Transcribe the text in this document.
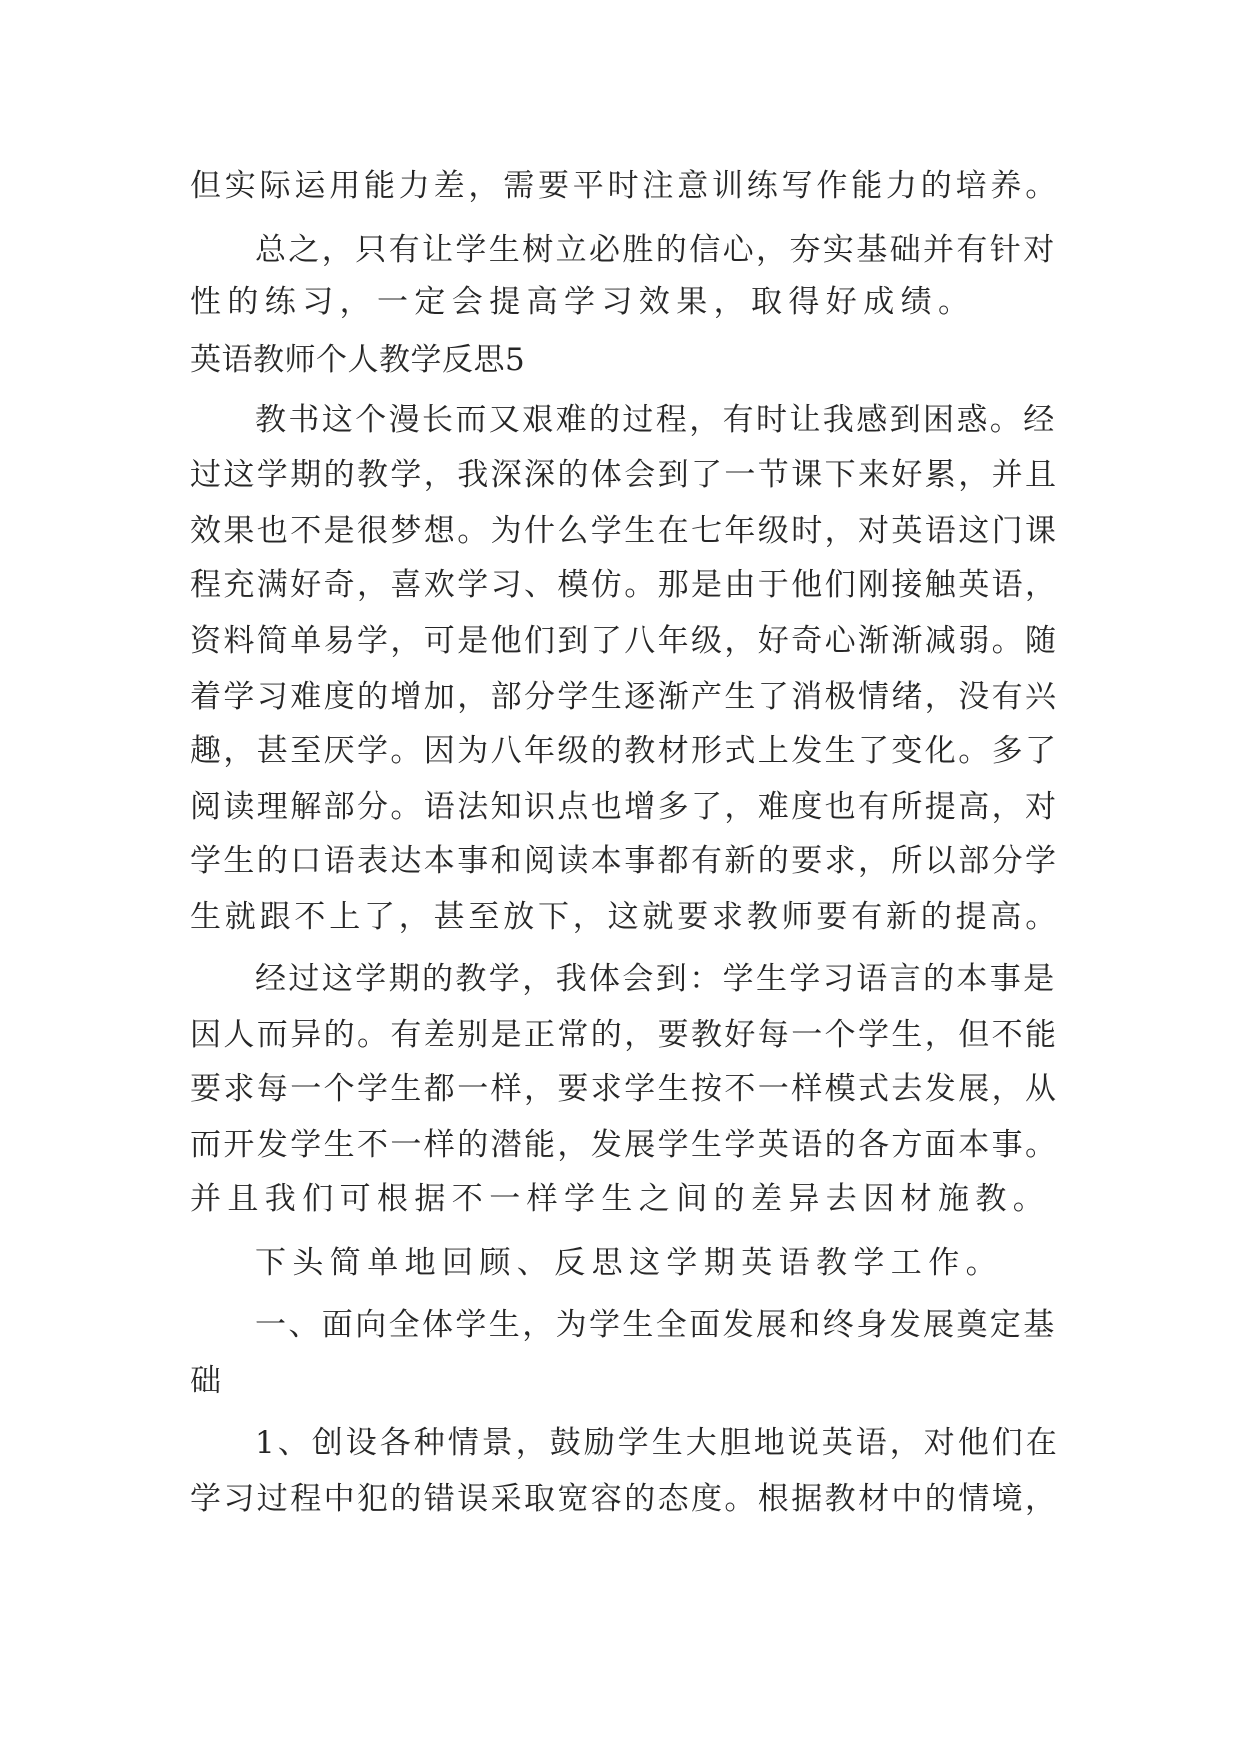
但实际运用能力差，需要平时注意训练写作能力的培养。
总之，只有让学生树立必胜的信心，夯实基础并有针对
性的练习，一定会提高学习效果，取得好成绩。
英语教师个人教学反思5
教书这个漫长而又艰难的过程，有时让我感到困惑。经
过这学期的教学，我深深的体会到了一节课下来好累，并且
效果也不是很梦想。为什么学生在七年级时，对英语这门课
程充满好奇，喜欢学习、模仿。那是由于他们刚接触英语，
资料简单易学，可是他们到了八年级，好奇心渐渐减弱。随
着学习难度的增加，部分学生逐渐产生了消极情绪，没有兴
趣，甚至厌学。因为八年级的教材形式上发生了变化。多了
阅读理解部分。语法知识点也增多了，难度也有所提高，对
学生的口语表达本事和阅读本事都有新的要求，所以部分学
生就跟不上了，甚至放下，这就要求教师要有新的提高。
经过这学期的教学，我体会到：学生学习语言的本事是
因人而异的。有差别是正常的，要教好每一个学生，但不能
要求每一个学生都一样，要求学生按不一样模式去发展，从
而开发学生不一样的潜能，发展学生学英语的各方面本事。
并且我们可根据不一样学生之间的差异去因材施教。
下头简单地回顾、反思这学期英语教学工作。
一、面向全体学生，为学生全面发展和终身发展奠定基
础
1、创设各种情景，鼓励学生大胆地说英语，对他们在
学习过程中犯的错误采取宽容的态度。根据教材中的情境，
